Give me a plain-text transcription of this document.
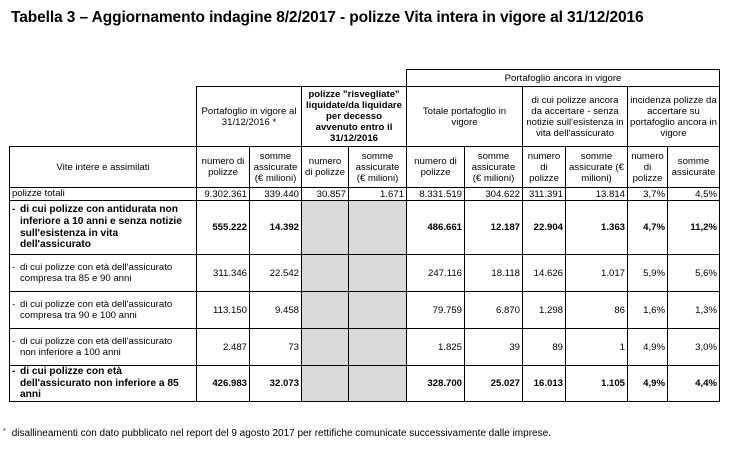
Tabella 3 – Aggiornamento indagine 8/2/2017 - polizze Vita intera in vigore al 31/12/2016
					Portafoglio ancora in vigore					
	Portafoglio in vigore al 31/12/2016 *		polizze "risvegliate" liquidate/da liquidare per decesso avvenuto entro il 31/12/2016		Totale portafoglio in vigore		di cui polizze ancora da accertare - senza notizie sull'esistenza in vita dell'assicurato		incidenza polizze da accertare su portafoglio ancora in vigore	
Vite intere e assimilati	numero di polizze	somme assicurate (€ milioni)	numero di polizze	somme assicurate (€ milioni)	numero di polizze	somme assicurate (€ milioni)	numero di polizze	somme assicurate (€ milioni)	numero di polizze	somme assicurate
polizze totali	9.302.361	339.440	30.857	1.671	8.331.519	304.622	311.391	13.814	3,7%	4,5%
- di cui polizze con antidurata non inferiore a 10 anni e senza notizie sull'esistenza in vita dell'assicurato	555.222	14.392			486.661	12.187	22.904	1.363	4,7%	11,2%
- di cui polizze con età dell'assicurato compresa tra 85 e 90 anni	311.346	22.542			247.116	18.118	14.626	1.017	5,9%	5,6%
- di cui polizze con età dell'assicurato compresa tra 90 e 100 anni	113.150	9.458			79.759	6.870	1.298	86	1,6%	1,3%
- di cui polizze con età dell'assicurato non inferiore a 100 anni	2.487	73			1.825	39	89	1	4,9%	3,0%
- di cui polizze con età dell'assicurato non inferiore a 85 anni	426.983	32.073			328.700	25.027	16.013	1.105	4,9%	4,4%
* disallineamenti con dato pubblicato nel report del 9 agosto 2017 per rettifiche comunicate successivamente dalle imprese.
